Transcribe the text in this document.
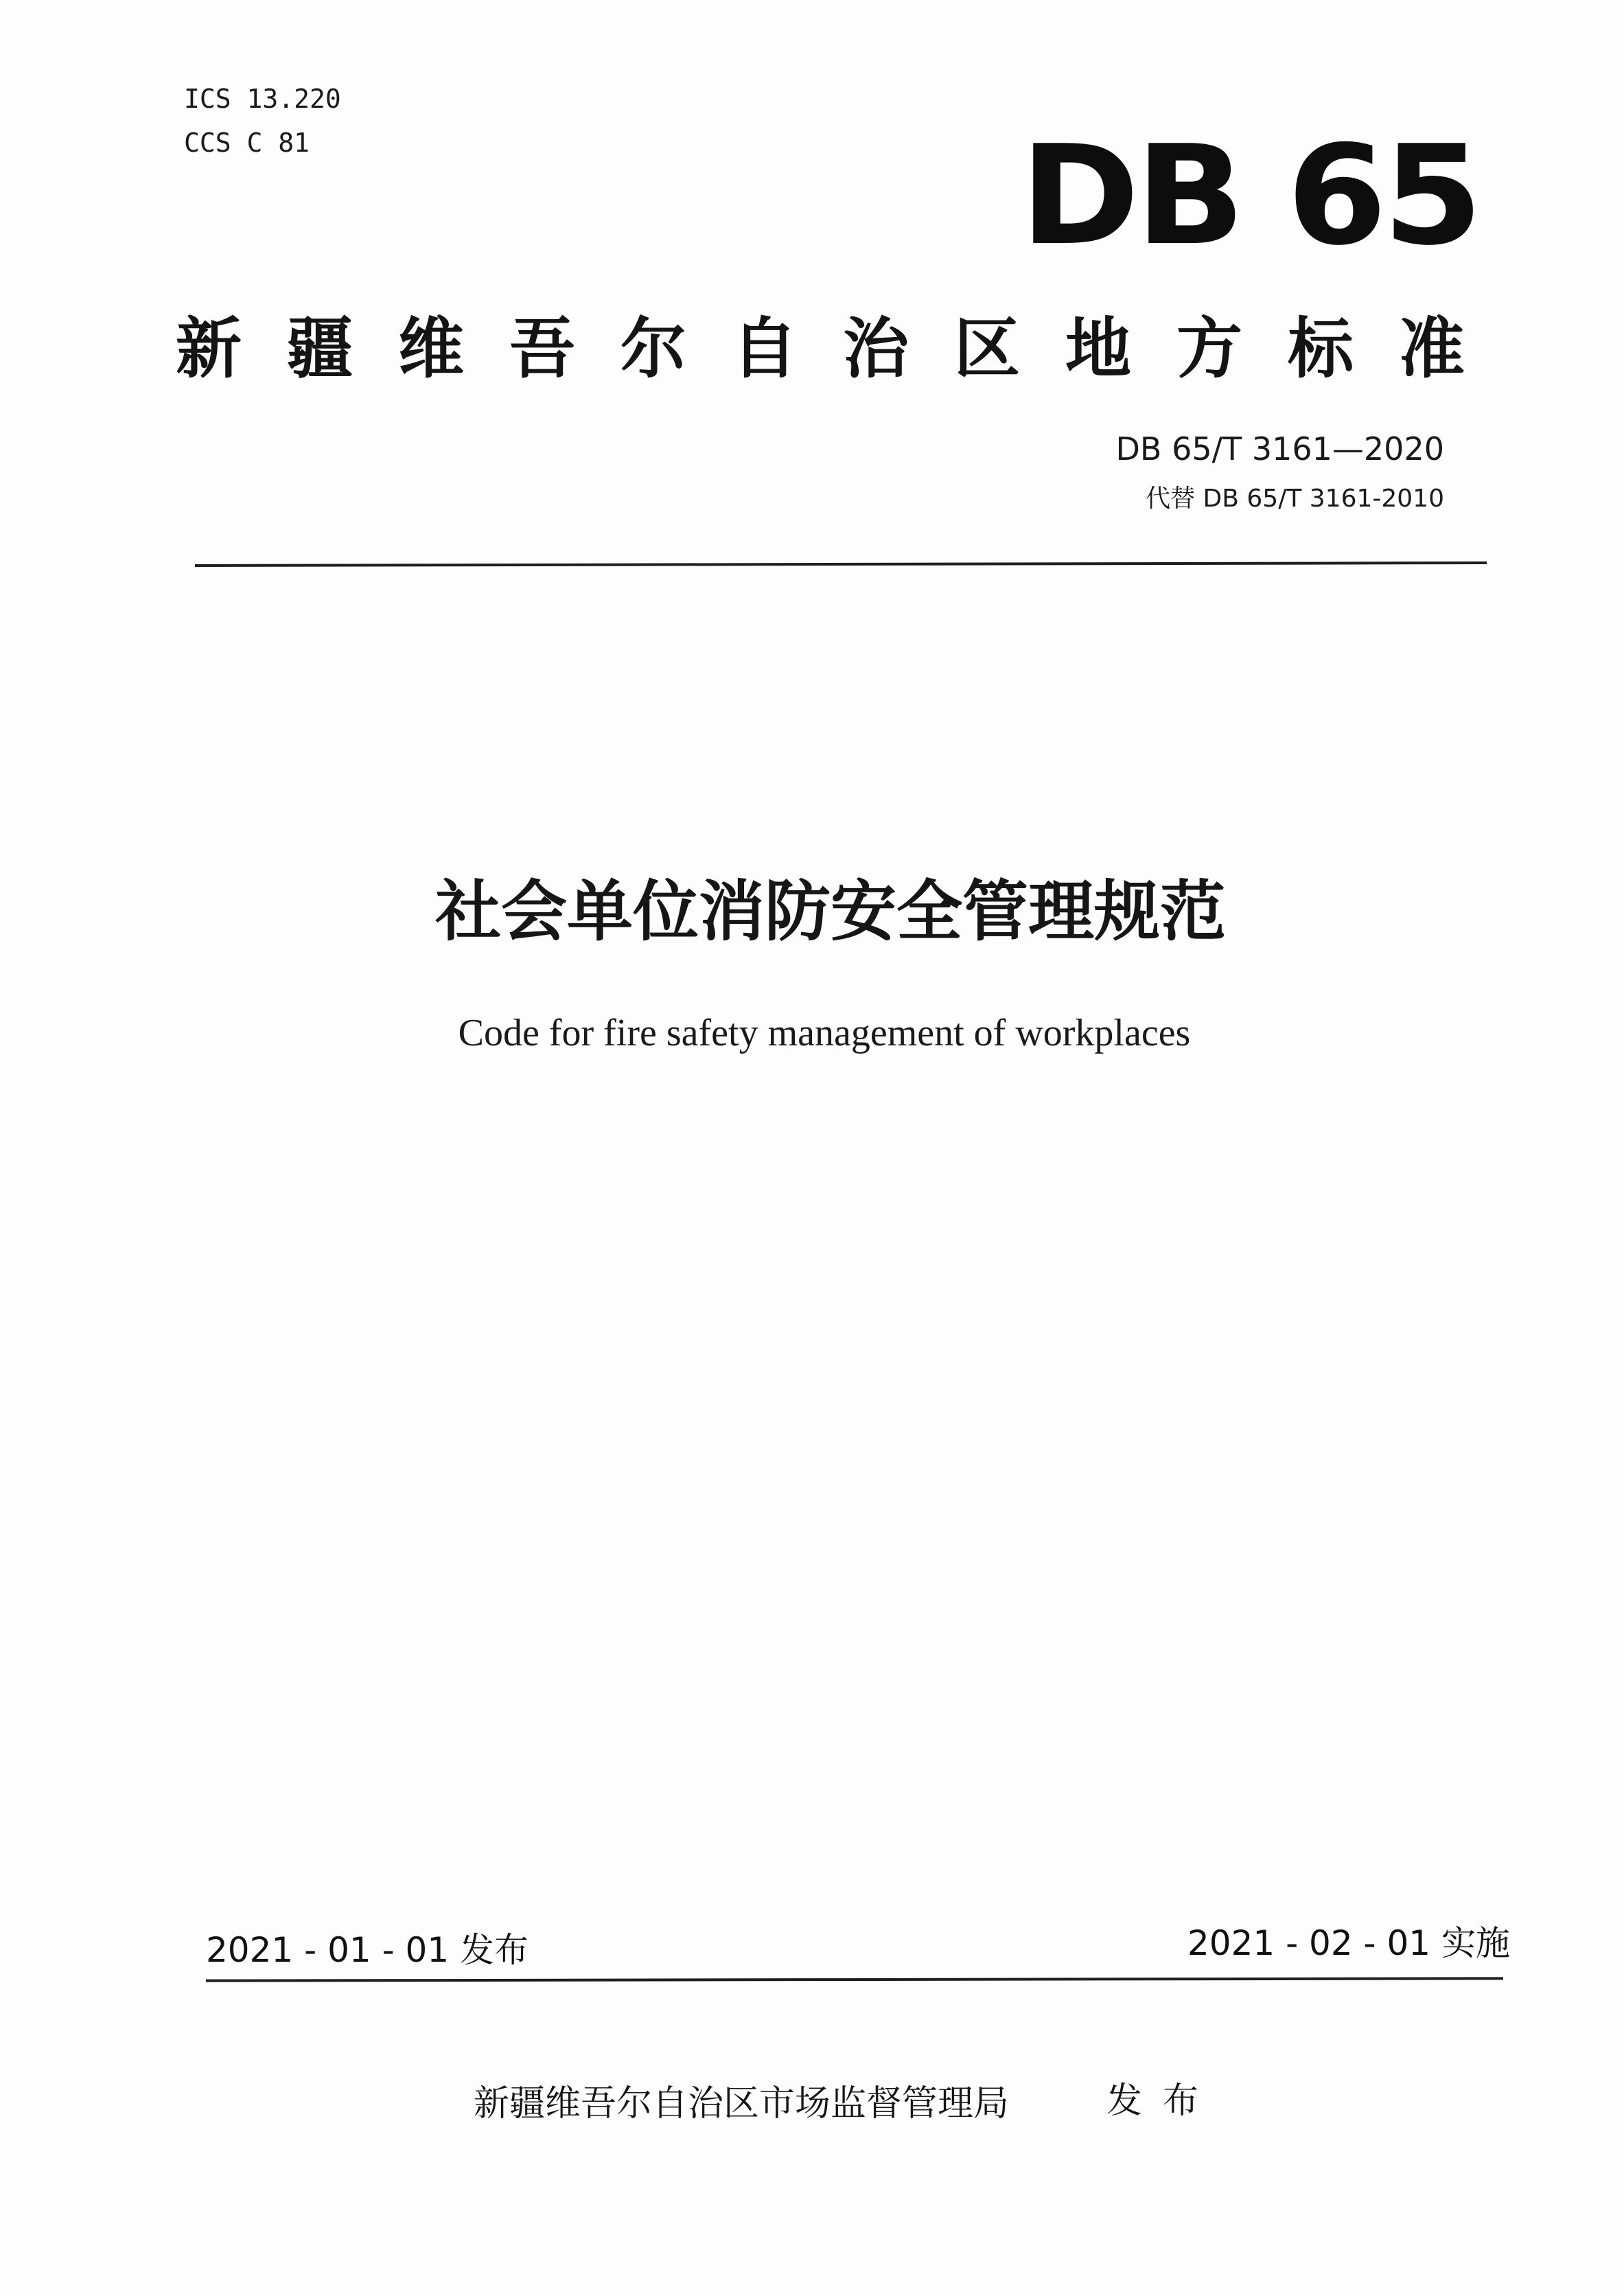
ICS 13.220
CCS C 81	DB 65
新疆维吾尔自治区地方标准
DB 65/T 3161—2020
代替 DB 65/T 3161-2010
社会单位消防安全管理规范
Code for fire safety management of workplaces
2021 - 01 - 01 发布	2021 - 02 - 01 实施
新疆维吾尔自治区市场监督管理局	发布
